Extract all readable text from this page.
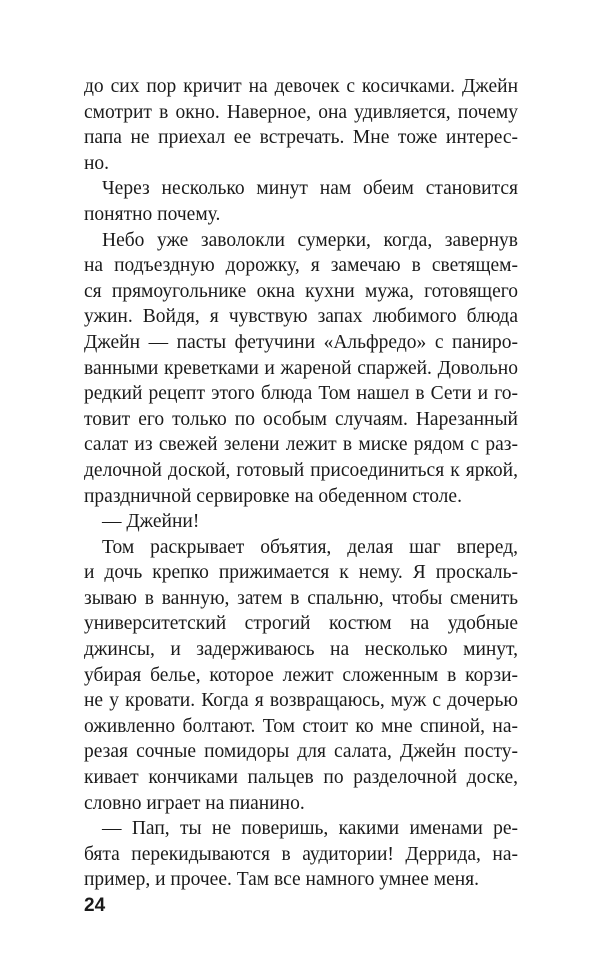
до сих пор кричит на девочек с косичками. Джейн
смотрит в окно. Наверное, она удивляется, почему
папа не приехал ее встречать. Мне тоже интерес-
но.
Через несколько минут нам обеим становится
понятно почему.
Небо уже заволокли сумерки, когда, завернув
на подъездную дорожку, я замечаю в светящем-
ся прямоугольнике окна кухни мужа, готовящего
ужин. Войдя, я чувствую запах любимого блюда
Джейн — пасты фетучини «Альфредо» с паниро-
ванными креветками и жареной спаржей. Довольно
редкий рецепт этого блюда Том нашел в Сети и го-
товит его только по особым случаям. Нарезанный
салат из свежей зелени лежит в миске рядом с раз-
делочной доской, готовый присоединиться к яркой,
праздничной сервировке на обеденном столе.
— Джейни!
Том раскрывает объятия, делая шаг вперед,
и дочь крепко прижимается к нему. Я проскаль-
зываю в ванную, затем в спальню, чтобы сменить
университетский строгий костюм на удобные
джинсы, и задерживаюсь на несколько минут,
убирая белье, которое лежит сложенным в корзи-
не у кровати. Когда я возвращаюсь, муж с дочерью
оживленно болтают. Том стоит ко мне спиной, на-
резая сочные помидоры для салата, Джейн посту-
кивает кончиками пальцев по разделочной доске,
словно играет на пианино.
— Пап, ты не поверишь, какими именами ре-
бята перекидываются в аудитории! Деррида, на-
пример, и прочее. Там все намного умнее меня.
24
